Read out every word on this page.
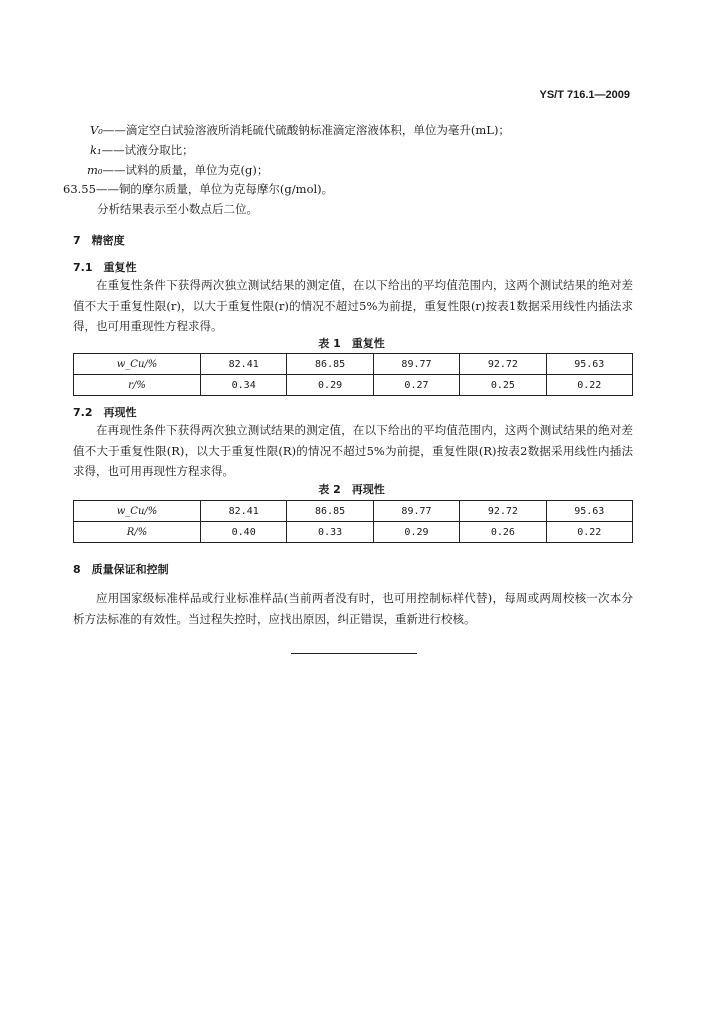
YS/T 716.1—2009
V₀——滴定空白试验溶液所消耗硫代硫酸钠标准滴定溶液体积，单位为毫升(mL)；
k₁——试液分取比；
m₀——试料的质量，单位为克(g)；
63.55——铜的摩尔质量，单位为克每摩尔(g/mol)。
分析结果表示至小数点后二位。
7　精密度
7.1　重复性
在重复性条件下获得两次独立测试结果的测定值，在以下给出的平均值范围内，这两个测试结果的绝对差值不大于重复性限(r)，以大于重复性限(r)的情况不超过5%为前提，重复性限(r)按表1数据采用线性内插法求得，也可用重现性方程求得。
表 1　重复性
w_Cu/%	82.41	86.85	89.77	92.72	95.63
r/%	0.34	0.29	0.27	0.25	0.22
7.2　再现性
在再现性条件下获得两次独立测试结果的测定值，在以下给出的平均值范围内，这两个测试结果的绝对差值不大于重复性限(R)，以大于重复性限(R)的情况不超过5%为前提，重复性限(R)按表2数据采用线性内插法求得，也可用再现性方程求得。
表 2　再现性
w_Cu/%	82.41	86.85	89.77	92.72	95.63
R/%	0.40	0.33	0.29	0.26	0.22
8　质量保证和控制
应用国家级标准样品或行业标准样品(当前两者没有时，也可用控制标样代替)，每周或两周校核一次本分析方法标准的有效性。当过程失控时，应找出原因，纠正错误，重新进行校核。
